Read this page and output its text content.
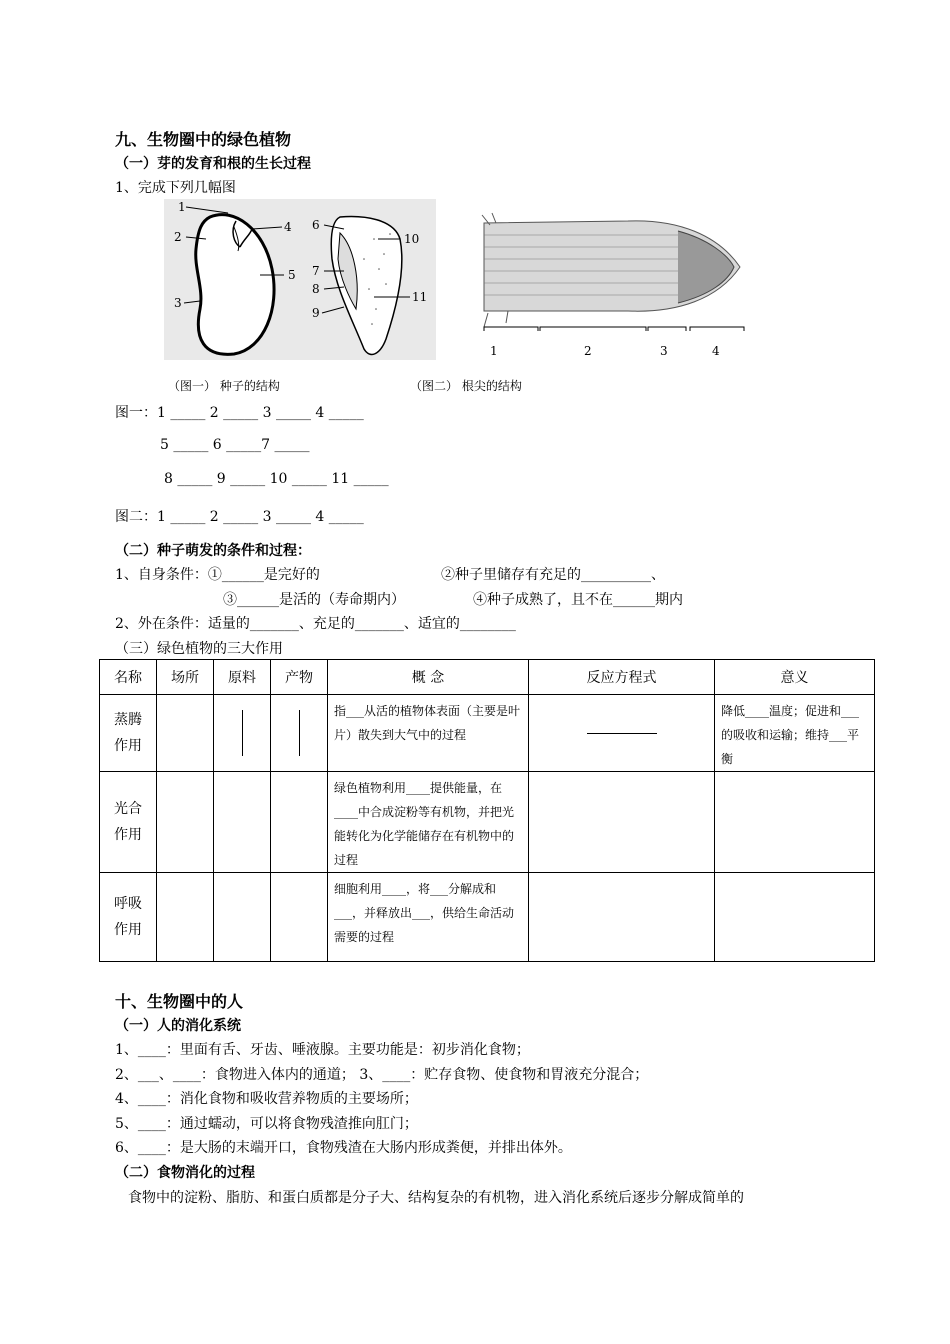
九、生物圈中的绿色植物
（一）芽的发育和根的生长过程
1、完成下列几幅图
1
2
3
4
5
6
7
8
9
10
11
1	2	3	4
（图一） 种子的结构	（图二） 根尖的结构
图一：1 _____ 2 _____ 3 _____ 4 _____
5 _____ 6 _____7 _____
8 _____ 9 _____ 10 _____ 11 _____
图二：1 _____ 2 _____ 3 _____ 4 _____
（二）种子萌发的条件和过程：
1、自身条件：①______是完好的	②种子里储存有充足的__________、
③______是活的（寿命期内）	④种子成熟了，且不在______期内
2、外在条件：适量的_______、充足的_______、适宜的________
（三）绿色植物的三大作用
名称	场所	原料	产物	概 念	反应方程式	意义

蒸腾
作用				指___从活的植物体表面（主要是叶片）散失到大气中的过程		降低____温度；促进和___的吸收和运输；维持___平衡

光合
作用				绿色植物利用____提供能量，在____中合成淀粉等有机物，并把光能转化为化学能储存在有机物中的过程		

呼吸
作用				细胞利用____，将___分解成和___，并释放出___，供给生命活动需要的过程		
十、生物圈中的人
（一）人的消化系统
1、____：里面有舌、牙齿、唾液腺。主要功能是：初步消化食物；
2、___、____：食物进入体内的通道； 3、____：贮存食物、使食物和胃液充分混合；
4、____：消化食物和吸收营养物质的主要场所；
5、____：通过蠕动，可以将食物残渣推向肛门；
6、____：是大肠的末端开口，食物残渣在大肠内形成粪便，并排出体外。
（二）食物消化的过程
食物中的淀粉、脂肪、和蛋白质都是分子大、结构复杂的有机物，进入消化系统后逐步分解成简单的
